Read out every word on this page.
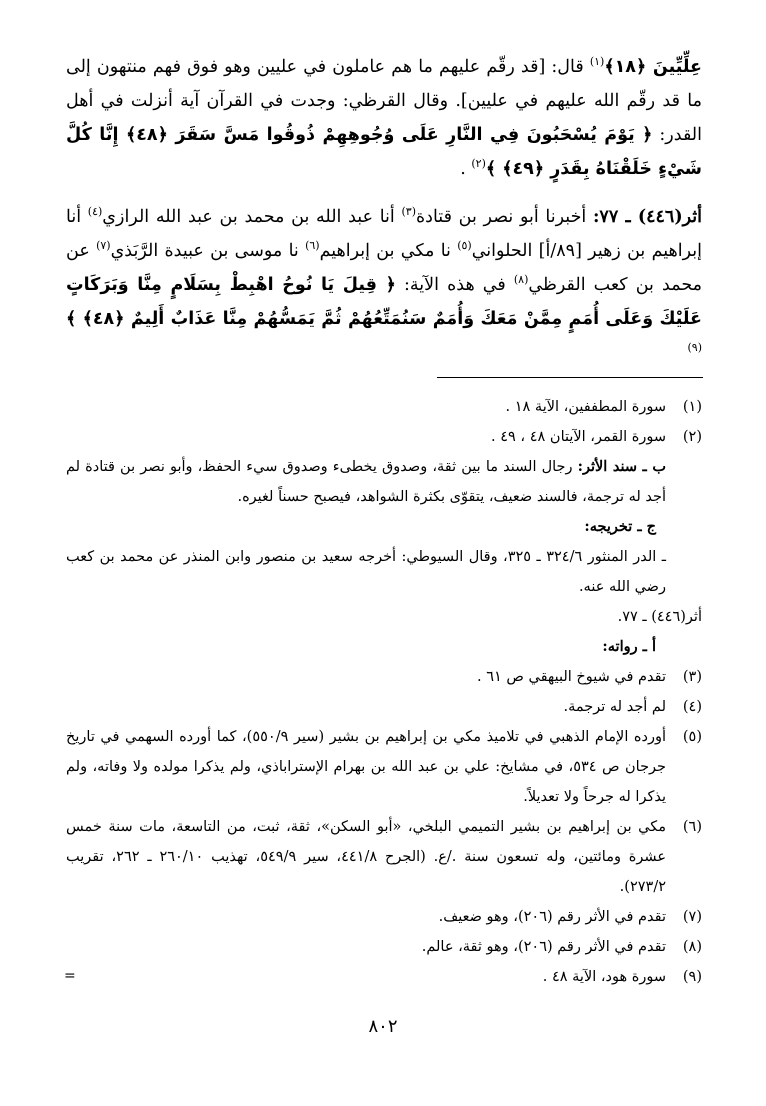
عِلِّيِّينَ ﴿١٨﴾$^{(١)}$ قال: [قد رقّم عليهم ما هم عاملون في عليين وهو فوق فهم منتهون إلى ما قد رقّم الله عليهم في عليين]. وقال القرظي: وجدت في القرآن آية أنزلت في أهل القدر: ﴿ يَوْمَ يُسْحَبُونَ فِي النَّارِ عَلَى وُجُوهِهِمْ ذُوقُوا مَسَّ سَقَرَ ﴿٤٨﴾ إِنَّا كُلَّ شَيْءٍ خَلَقْنَاهُ بِقَدَرٍ ﴿٤٩﴾ ﴾$^{(٢)}$ .

أثر(٤٤٦) ـ ٧٧: أخبرنا أبو نصر بن قتادة$^{(٣)}$ أنا عبد الله بن محمد بن عبد الله الرازي$^{(٤)}$ أنا إبراهيم بن زهير [٨٩/أ] الحلواني$^{(٥)}$ نا مكي بن إبراهيم$^{(٦)}$ نا موسى بن عبيدة الرَّبَذي$^{(٧)}$ عن محمد بن كعب القرظي$^{(٨)}$ في هذه الآية: ﴿ قِيلَ يَا نُوحُ اهْبِطْ بِسَلَامٍ مِنَّا وَبَرَكَاتٍ عَلَيْكَ وَعَلَى أُمَمٍ مِمَّنْ مَعَكَ وَأُمَمٌ سَنُمَتِّعُهُمْ ثُمَّ يَمَسُّهُمْ مِنَّا عَذَابٌ أَلِيمٌ ﴿٤٨﴾ ﴾$^{(٩)}$

(١)
سورة المطففين، الآية ١٨ .
(٢)
سورة القمر، الآيتان ٤٨ ، ٤٩ .
ب ـ سند الأثر: رجال السند ما بين ثقة، وصدوق يخطىء وصدوق سيء الحفظ، وأبو نصر بن قتادة لم أجد له ترجمة، فالسند ضعيف، يتقوّى بكثرة الشواهد، فيصبح حسناً لغيره.
ج ـ تخريجه:
ـ الدر المنثور ٣٢٤/٦ ـ ٣٢٥، وقال السيوطي: أخرجه سعيد بن منصور وابن المنذر عن محمد بن كعب رضي الله عنه.
أثر(٤٤٦) ـ ٧٧.
أ ـ رواته:
(٣)
تقدم في شيوخ البيهقي ص ٦١ .
(٤)
لم أجد له ترجمة.
(٥)
أورده الإمام الذهبي في تلاميذ مكي بن إبراهيم بن بشير (سير ٥٥٠/٩)، كما أورده السهمي في تاريخ جرجان ص ٥٣٤، في مشايخ: علي بن عبد الله بن بهرام الإستراباذي، ولم يذكرا مولده ولا وفاته، ولم يذكرا له جرحاً ولا تعديلاً.
(٦)
مكي بن إبراهيم بن بشير التميمي البلخي، «أبو السكن»، ثقة، ثبت، من التاسعة، مات سنة خمس عشرة ومائتين، وله تسعون سنة ./ع. (الجرح ٤٤١/٨، سير ٥٤٩/٩، تهذيب ٢٦٠/١٠ ـ ٢٦٢، تقريب ٢٧٣/٢).
(٧)
تقدم في الأثر رقم (٢٠٦)، وهو ضعيف.
(٨)
تقدم في الأثر رقم (٢٠٦)، وهو ثقة، عالم.
(٩)
سورة هود، الآية ٤٨ .
=
٨٠٢
